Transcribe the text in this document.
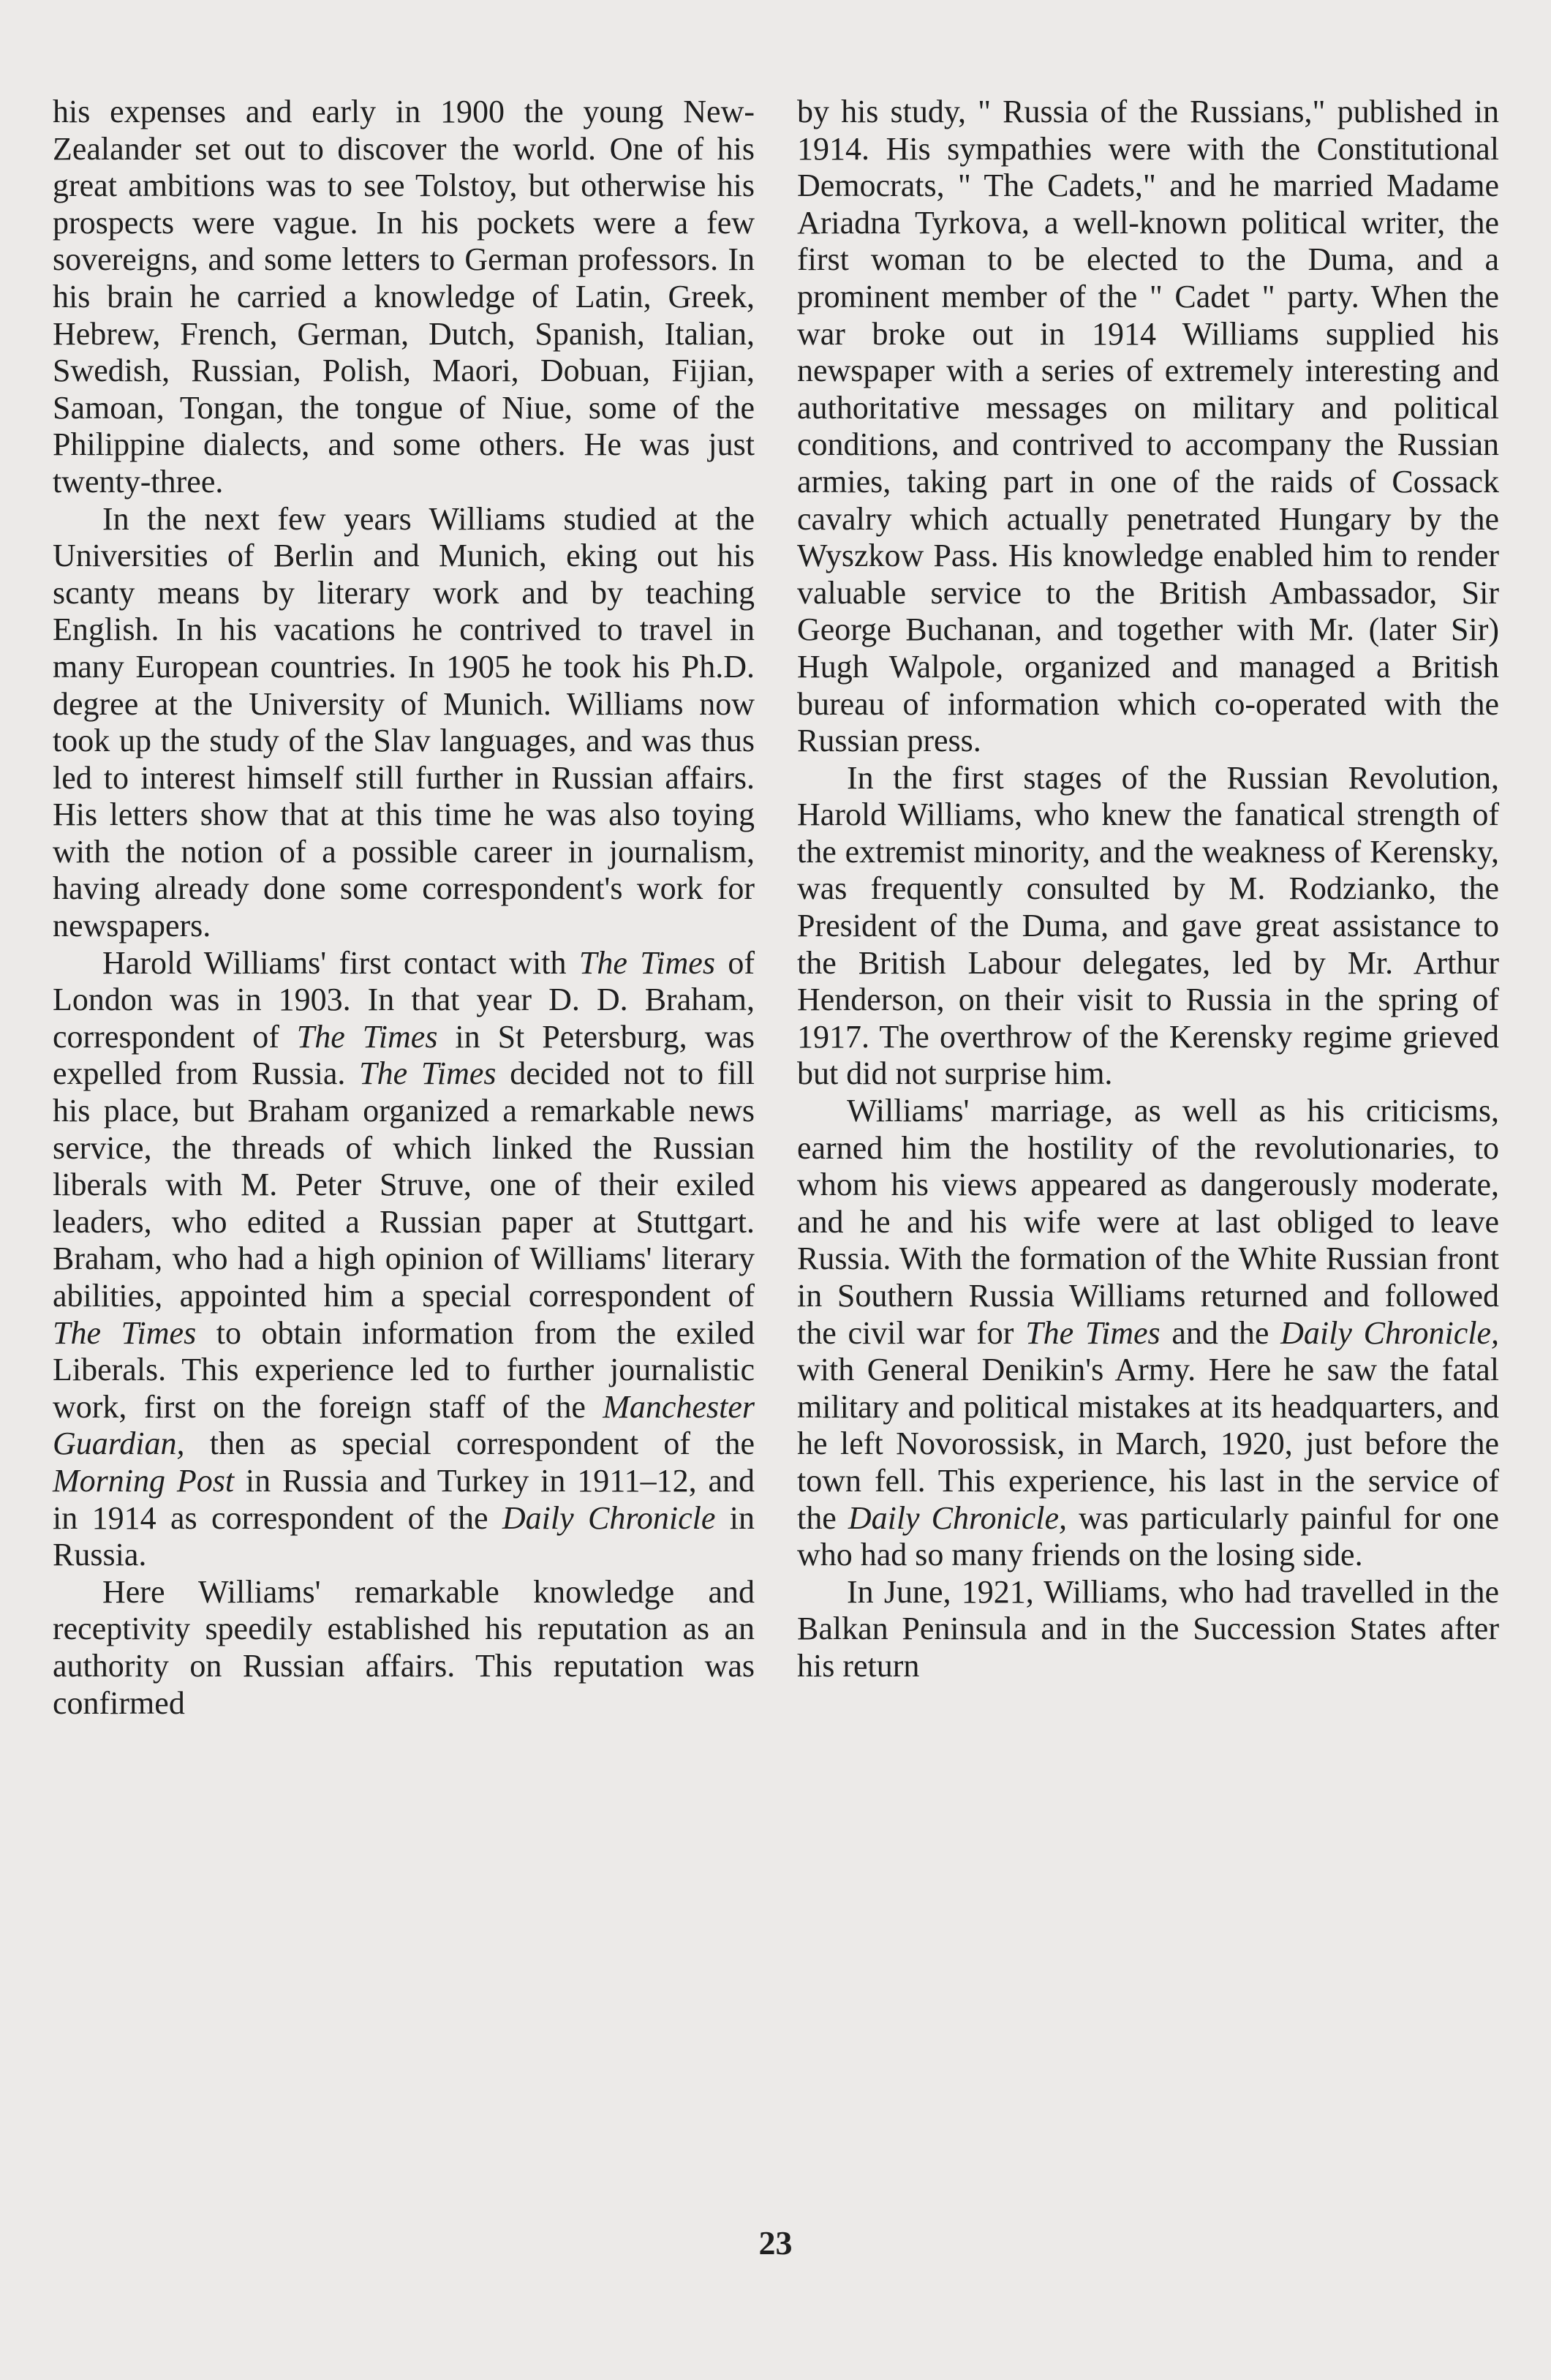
his expenses and early in 1900 the young New-Zealander set out to discover the world. One of his great ambitions was to see Tolstoy, but otherwise his prospects were vague. In his pockets were a few sovereigns, and some letters to German professors. In his brain he carried a knowledge of Latin, Greek, Hebrew, French, German, Dutch, Spanish, Italian, Swedish, Russian, Polish, Maori, Dobuan, Fijian, Samoan, Tongan, the tongue of Niue, some of the Philippine dialects, and some others. He was just twenty-three.

In the next few years Williams studied at the Universities of Berlin and Munich, eking out his scanty means by literary work and by teaching English. In his vacations he contrived to travel in many European countries. In 1905 he took his Ph.D. degree at the University of Munich. Williams now took up the study of the Slav languages, and was thus led to interest himself still further in Russian affairs. His letters show that at this time he was also toying with the notion of a possible career in journalism, having already done some correspondent's work for newspapers.

Harold Williams' first contact with The Times of London was in 1903. In that year D. D. Braham, correspondent of The Times in St Petersburg, was expelled from Russia. The Times decided not to fill his place, but Braham organized a remarkable news service, the threads of which linked the Russian liberals with M. Peter Struve, one of their exiled leaders, who edited a Russian paper at Stuttgart. Braham, who had a high opinion of Williams' literary abilities, appointed him a special correspondent of The Times to obtain information from the exiled Liberals. This experience led to further journalistic work, first on the foreign staff of the Manchester Guardian, then as special correspondent of the Morning Post in Russia and Turkey in 1911–12, and in 1914 as correspondent of the Daily Chronicle in Russia.

Here Williams' remarkable knowledge and receptivity speedily established his reputation as an authority on Russian affairs. This reputation was confirmed

by his study, " Russia of the Russians," published in 1914. His sympathies were with the Constitutional Democrats, " The Cadets," and he married Madame Ariadna Tyrkova, a well-known political writer, the first woman to be elected to the Duma, and a prominent member of the " Cadet " party. When the war broke out in 1914 Williams supplied his newspaper with a series of extremely interesting and authoritative messages on military and political conditions, and contrived to accompany the Russian armies, taking part in one of the raids of Cossack cavalry which actually penetrated Hungary by the Wyszkow Pass. His knowledge enabled him to render valuable service to the British Ambassador, Sir George Buchanan, and together with Mr. (later Sir) Hugh Walpole, organized and managed a British bureau of information which co-operated with the Russian press.

In the first stages of the Russian Revolution, Harold Williams, who knew the fanatical strength of the extremist minority, and the weakness of Kerensky, was frequently consulted by M. Rodzianko, the President of the Duma, and gave great assistance to the British Labour delegates, led by Mr. Arthur Henderson, on their visit to Russia in the spring of 1917. The overthrow of the Kerensky regime grieved but did not surprise him.

Williams' marriage, as well as his criticisms, earned him the hostility of the revolutionaries, to whom his views appeared as dangerously moderate, and he and his wife were at last obliged to leave Russia. With the formation of the White Russian front in Southern Russia Williams returned and followed the civil war for The Times and the Daily Chronicle, with General Denikin's Army. Here he saw the fatal military and political mistakes at its headquarters, and he left Novorossisk, in March, 1920, just before the town fell. This experience, his last in the service of the Daily Chronicle, was particularly painful for one who had so many friends on the losing side.

In June, 1921, Williams, who had travelled in the Balkan Peninsula and in the Succession States after his return

23
